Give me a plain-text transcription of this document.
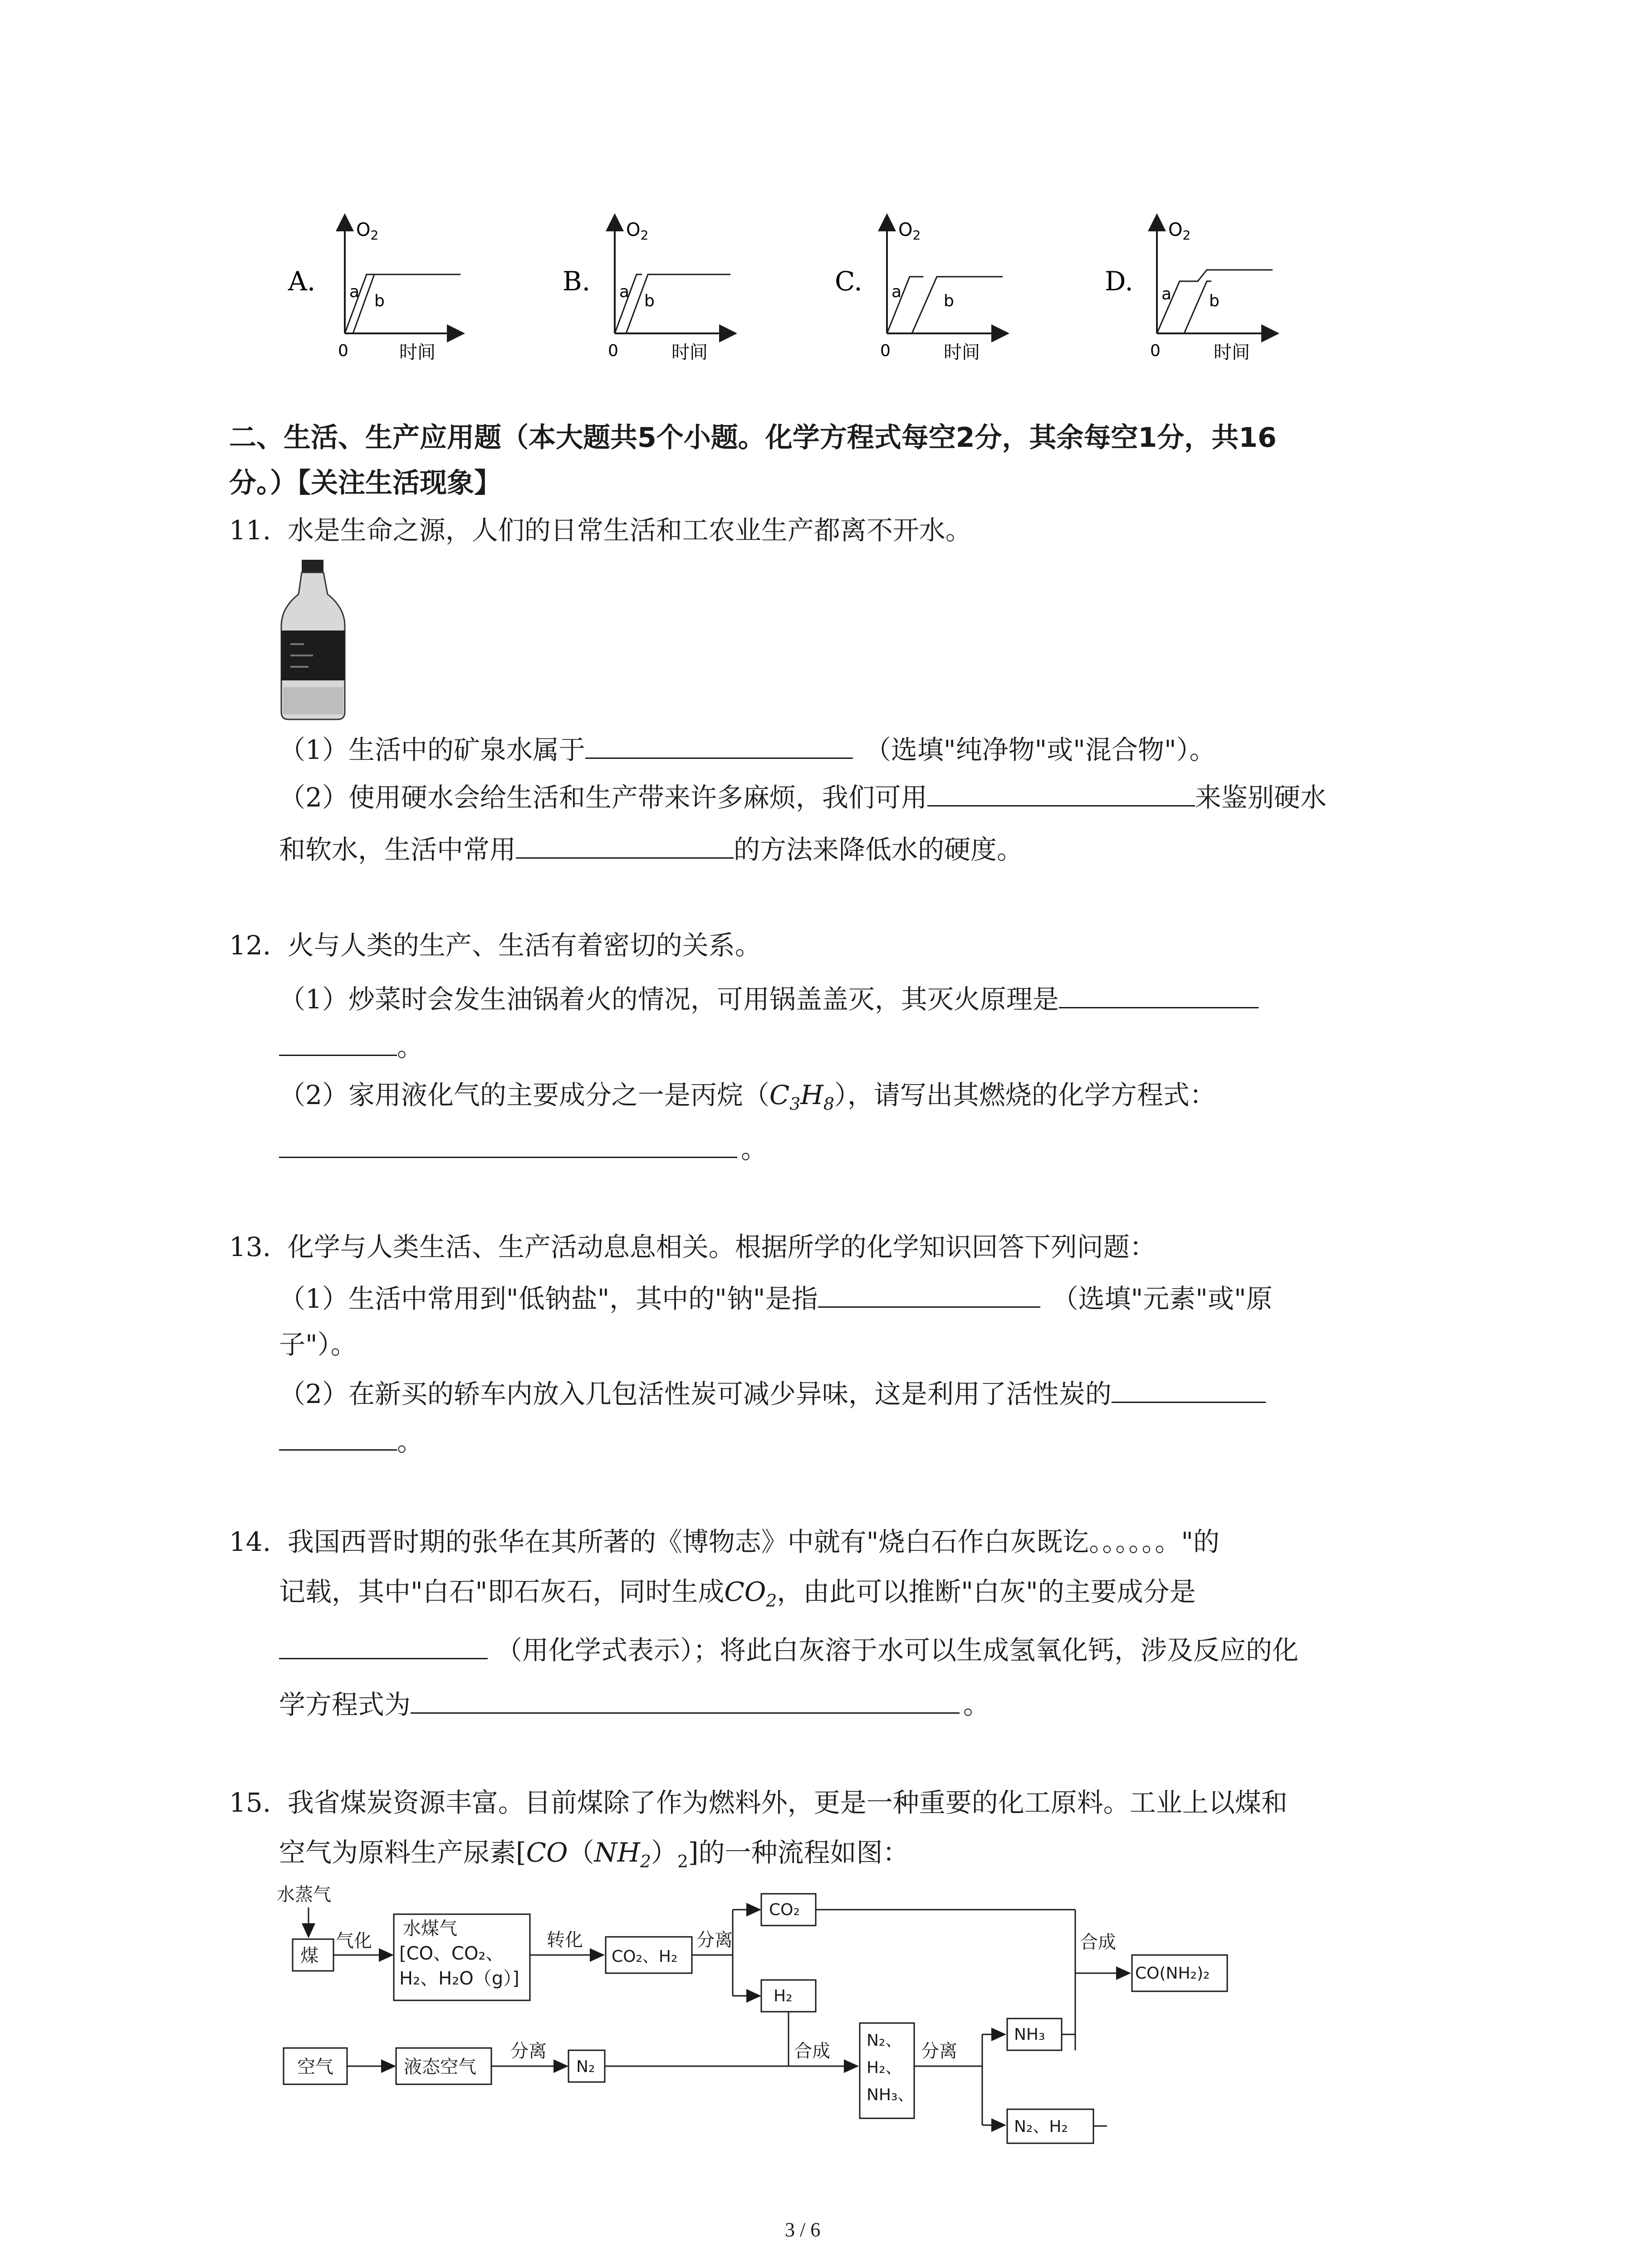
A.
$O_2$
0	时间
a b
B.
$O_2$
0	时间
a b
C.
$O_2$
0	时间
a	b
D.
$O_2$
0	时间
a b
二、生活、生产应用题（本大题共5个小题。化学方程式每空2分，其余每空1分，共16
分。）【关注生活现象】
11. 水是生命之源，人们的日常生活和工农业生产都离不开水。
（1）生活中的矿泉水属于	（选填"纯净物"或"混合物"）。
（2）使用硬水会给生活和生产带来许多麻烦，我们可用	来鉴别硬水
和软水，生活中常用	的方法来降低水的硬度。
12. 火与人类的生产、生活有着密切的关系。
（1）炒菜时会发生油锅着火的情况，可用锅盖盖灭，其灭火原理是
。
（2）家用液化气的主要成分之一是丙烷$(C_3H_8)$，请写出其燃烧的化学方程式：
。
13. 化学与人类生活、生产活动息息相关。根据所学的化学知识回答下列问题：
（1）生活中常用到"低钠盐"，其中的"钠"是指	（选填"元素"或"原
子"）。
（2）在新买的轿车内放入几包活性炭可减少异味，这是利用了活性炭的
。
14. 我国西晋时期的张华在其所著的《博物志》中就有"烧白石作白灰既讫。。。。。。"的
记载，其中"白石"即石灰石，同时生成$CO_2$，由此可以推断"白灰"的主要成分是
（用化学式表示）；将此白灰溶于水可以生成氢氧化钙，涉及反应的化
学方程式为	。
15. 我省煤炭资源丰富。目前煤除了作为燃料外，更是一种重要的化工原料。工业上以煤和
空气为原料生产尿素$[CO(NH_2)_2]$的一种流程如图：
水蒸气
煤
气化
水煤气
[CO、CO₂、
H₂、H₂O（g）]
转化
CO₂、H₂
分离
CO₂
H₂
合成
CO(NH₂)₂
空气	液态空气
分离
N₂
合成
N₂、
H₂、
NH₃、
分离
NH₃
N₂、H₂
3 / 6
